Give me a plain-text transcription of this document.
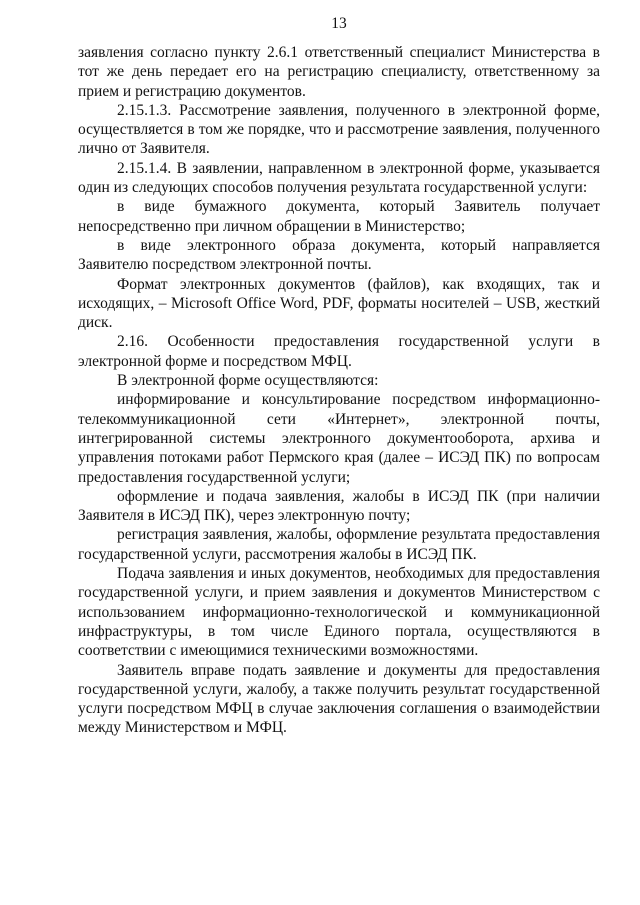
13

заявления согласно пункту 2.6.1 ответственный специалист Министерства в тот же день передает его на регистрацию специалисту, ответственному за прием и регистрацию документов.

2.15.1.3. Рассмотрение заявления, полученного в электронной форме, осуществляется в том же порядке, что и рассмотрение заявления, полученного лично от Заявителя.

2.15.1.4. В заявлении, направленном в электронной форме, указывается один из следующих способов получения результата государственной услуги:

в виде бумажного документа, который Заявитель получает непосредственно при личном обращении в Министерство;

в виде электронного образа документа, который направляется Заявителю посредством электронной почты.

Формат электронных документов (файлов), как входящих, так и исходящих, – Microsoft Office Word, PDF, форматы носителей – USB, жесткий диск.

2.16. Особенности предоставления государственной услуги в электронной форме и посредством МФЦ.

В электронной форме осуществляются:

информирование и консультирование посредством информационно-телекоммуникационной сети «Интернет», электронной почты, интегрированной системы электронного документооборота, архива и управления потоками работ Пермского края (далее – ИСЭД ПК) по вопросам предоставления государственной услуги;

оформление и подача заявления, жалобы в ИСЭД ПК (при наличии Заявителя в ИСЭД ПК), через электронную почту;

регистрация заявления, жалобы, оформление результата предоставления государственной услуги, рассмотрения жалобы в ИСЭД ПК.

Подача заявления и иных документов, необходимых для предоставления государственной услуги, и прием заявления и документов Министерством с использованием информационно-технологической и коммуникационной инфраструктуры, в том числе Единого портала, осуществляются в соответствии с имеющимися техническими возможностями.

Заявитель вправе подать заявление и документы для предоставления государственной услуги, жалобу, а также получить результат государственной услуги посредством МФЦ в случае заключения соглашения о взаимодействии между Министерством и МФЦ.
